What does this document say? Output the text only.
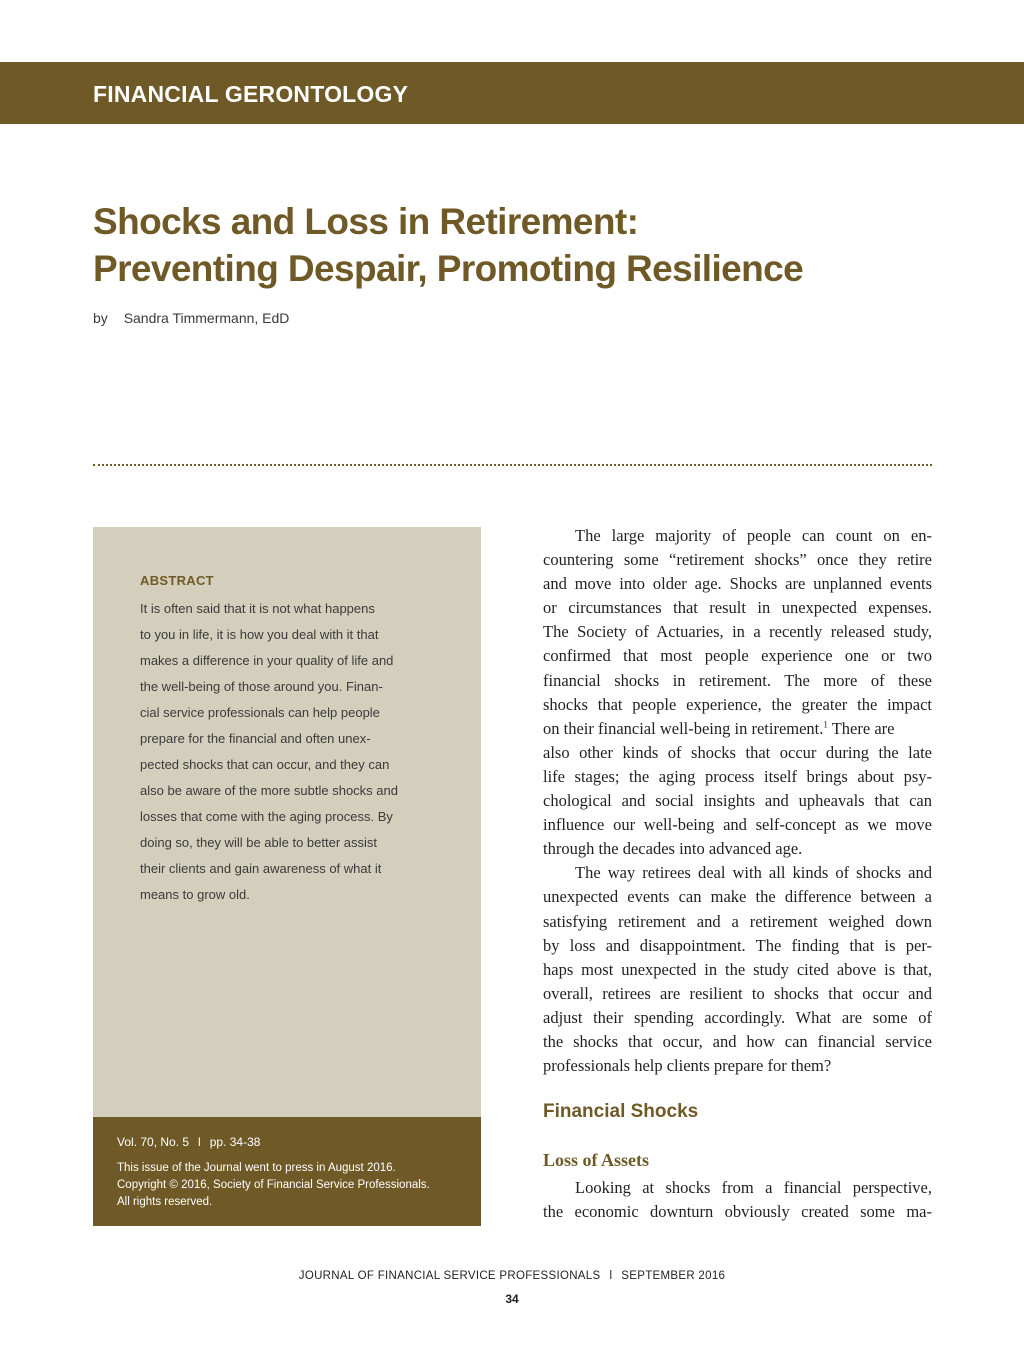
FINANCIAL GERONTOLOGY
Shocks and Loss in Retirement:
Preventing Despair, Promoting Resilience
by Sandra Timmermann, EdD
ABSTRACT

It is often said that it is not what happens
to you in life, it is how you deal with it that
makes a difference in your quality of life and
the well-being of those around you. Finan-
cial service professionals can help people
prepare for the financial and often unex-
pected shocks that can occur, and they can
also be aware of the more subtle shocks and
losses that come with the aging process. By
doing so, they will be able to better assist
their clients and gain awareness of what it
means to grow old.

Vol. 70, No. 5 l pp. 34-38

This issue of the Journal went to press in August 2016.
Copyright © 2016, Society of Financial Service Professionals.
All rights reserved.

The large majority of people can count on en-
countering some “retirement shocks” once they retire
and move into older age. Shocks are unplanned events
or circumstances that result in unexpected expenses.
The Society of Actuaries, in a recently released study,
confirmed that most people experience one or two
financial shocks in retirement. The more of these
shocks that people experience, the greater the impact
on their financial well-being in retirement.$^1$ There are
also other kinds of shocks that occur during the late
life stages; the aging process itself brings about psy-
chological and social insights and upheavals that can
influence our well-being and self-concept as we move
through the decades into advanced age.
The way retirees deal with all kinds of shocks and
unexpected events can make the difference between a
satisfying retirement and a retirement weighed down
by loss and disappointment. The finding that is per-
haps most unexpected in the study cited above is that,
overall, retirees are resilient to shocks that occur and
adjust their spending accordingly. What are some of
the shocks that occur, and how can financial service
professionals help clients prepare for them?
Financial Shocks
Loss of Assets
Looking at shocks from a financial perspective,
the economic downturn obviously created some ma-
JOURNAL OF FINANCIAL SERVICE PROFESSIONALS l SEPTEMBER 2016
34
